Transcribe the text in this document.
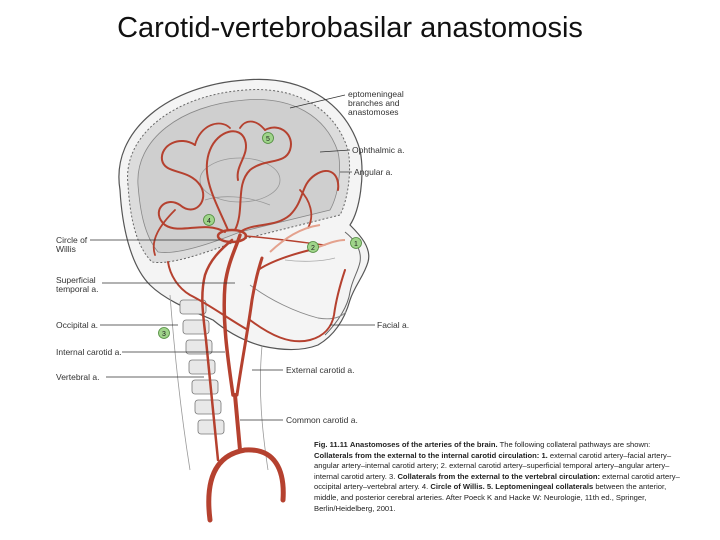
Carotid-vertebrobasilar anastomosis
1
2
3
4
5
eptomeningeal
branches and
anastomoses
Ophthalmic a.
Angular a.
Circle of
Willis
Superficial
temporal a.
Occipital a.
Internal carotid a.
Vertebral a.
Facial a.
External carotid a.
Common carotid a.
Fig. 11.11 Anastomoses of the arteries of the brain. The following collateral pathways are shown: Collaterals from the external to the internal carotid circulation: 1. external carotid artery–facial artery–angular artery–internal carotid artery; 2. external carotid artery–superficial temporal artery–angular artery–internal carotid artery. 3. Collaterals from the external to the vertebral circulation: external carotid artery–occipital artery–vertebral artery. 4. Circle of Willis. 5. Leptomeningeal collaterals between the anterior, middle, and posterior cerebral arteries. After Poeck K and Hacke W: Neurologie, 11th ed., Springer, Berlin/Heidelberg, 2001.
